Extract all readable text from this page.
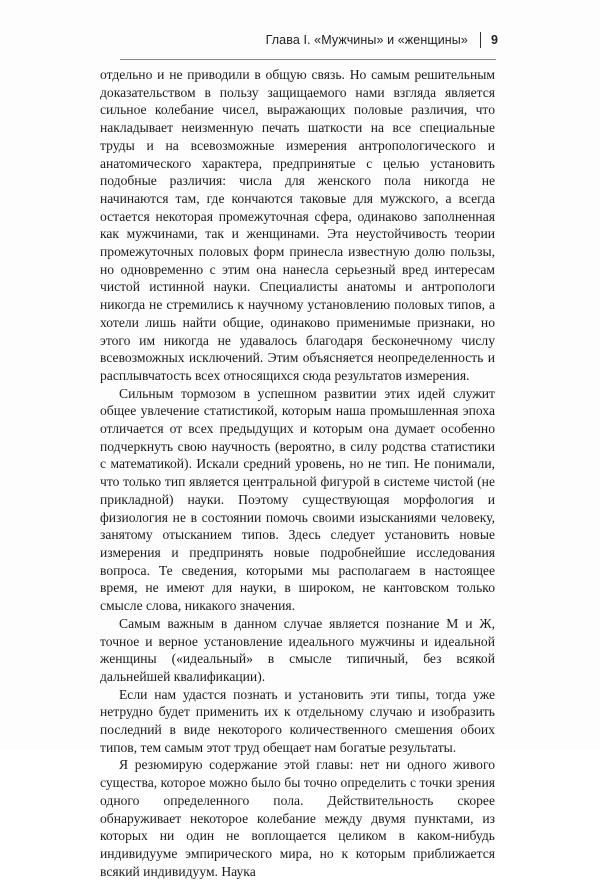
Глава I. «Мужчины» и «женщины» 9

отдельно и не приводили в общую связь. Но самым решительным доказательством в пользу защищаемого нами взгляда является сильное колебание чисел, выражающих половые различия, что накладывает неизменную печать шаткости на все специальные труды и на всевозможные измерения антропологического и анатомического характера, предпринятые с целью установить подобные различия: числа для женского пола никогда не начинаются там, где кончаются таковые для мужского, а всегда остается некоторая промежуточная сфера, одинаково заполненная как мужчинами, так и женщинами. Эта неустойчивость теории промежуточных половых форм принесла известную долю пользы, но одновременно с этим она нанесла серьезный вред интересам чистой истинной науки. Специалисты анатомы и антропологи никогда не стремились к научному установлению половых типов, а хотели лишь найти общие, одинаково применимые признаки, но этого им никогда не удавалось благодаря бесконечному числу всевозможных исключений. Этим объясняется неопределенность и расплывчатость всех относящихся сюда результатов измерения.

Сильным тормозом в успешном развитии этих идей служит общее увлечение статистикой, которым наша промышленная эпоха отличается от всех предыдущих и которым она думает особенно подчеркнуть свою научность (вероятно, в силу родства статистики с математикой). Искали средний уровень, но не тип. Не понимали, что только тип является центральной фигурой в системе чистой (не прикладной) науки. Поэтому существующая морфология и физиология не в состоянии помочь своими изысканиями человеку, занятому отысканием типов. Здесь следует установить новые измерения и предпринять новые подробнейшие исследования вопроса. Те сведения, которыми мы располагаем в настоящее время, не имеют для науки, в широком, не кантовском только смысле слова, никакого значения.

Самым важным в данном случае является познание М и Ж, точное и верное установление идеального мужчины и идеальной женщины («идеальный» в смысле типичный, без всякой дальнейшей квалификации).

Если нам удастся познать и установить эти типы, тогда уже нетрудно будет применить их к отдельному случаю и изобразить последний в виде некоторого количественного смешения обоих типов, тем самым этот труд обещает нам богатые результаты.

Я резюмирую содержание этой главы: нет ни одного живого существа, которое можно было бы точно определить с точки зрения одного определенного пола. Действительность скорее обнаруживает некоторое колебание между двумя пунктами, из которых ни один не воплощается целиком в каком-нибудь индивидууме эмпирического мира, но к которым приближается всякий индивидуум. Наука
